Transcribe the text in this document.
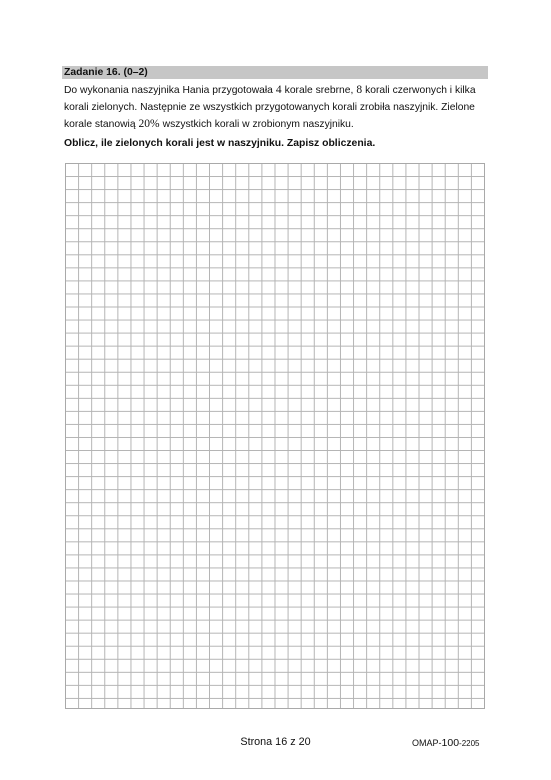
Zadanie 16. (0–2)

Do wykonania naszyjnika Hania przygotowała 4 korale srebrne, 8 korali czerwonych i kilka korali zielonych. Następnie ze wszystkich przygotowanych korali zrobiła naszyjnik. Zielone korale stanowią 20% wszystkich korali w zrobionym naszyjniku.

Oblicz, ile zielonych korali jest w naszyjniku. Zapisz obliczenia.

Strona 16 z 20	OMAP-100-2205
